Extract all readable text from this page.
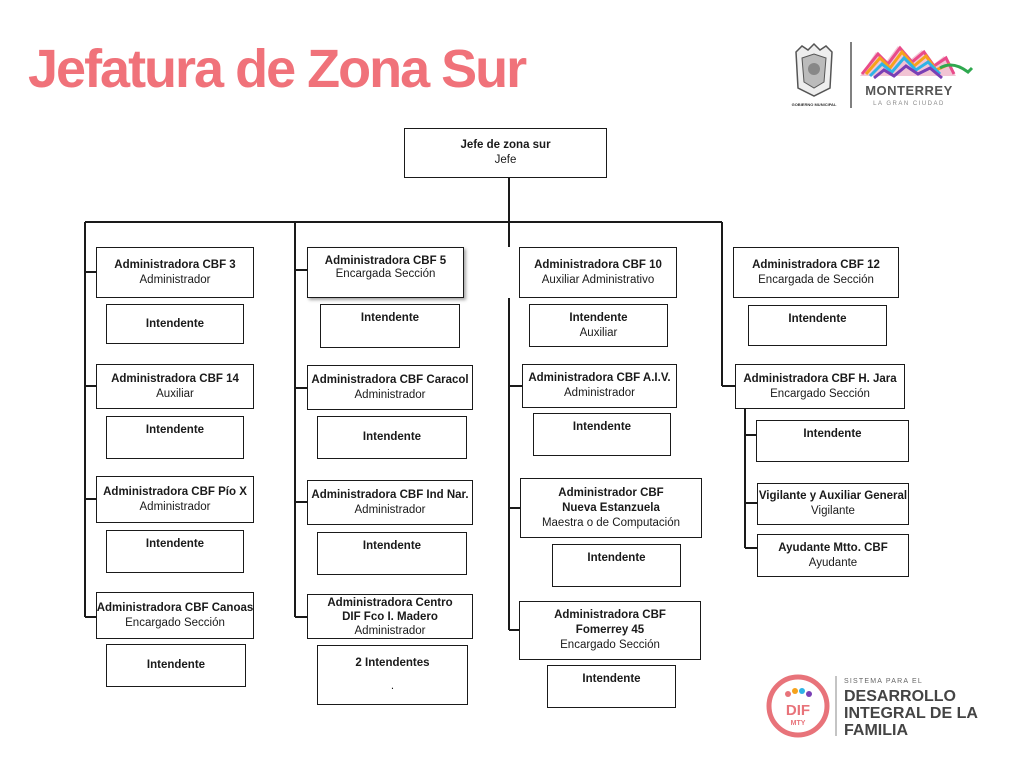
Jefatura de Zona Sur
Jefe de zona sur
Jefe
Administradora CBF 3
Administrador
Intendente
Administradora CBF 14
Auxiliar
Intendente
Administradora CBF Pío X
Administrador
Intendente
Administradora CBF Canoas
Encargado Sección
Intendente
Administradora CBF 5
Encargada Sección
Intendente
Administradora CBF Caracol
Administrador
Intendente
Administradora CBF Ind Nar.
Administrador
Intendente
Administradora Centro
DIF Fco I. Madero
Administrador
2 Intendentes
.
Administradora CBF 10
Auxiliar Administrativo
Intendente
Auxiliar
Administradora CBF A.I.V.
Administrador
Intendente
Administrador CBF
Nueva Estanzuela
Maestra o de Computación
Intendente
Administradora CBF
Fomerrey 45
Encargado Sección
Intendente
Administradora CBF 12
Encargada de Sección
Intendente
Administradora CBF H. Jara
Encargado Sección
Intendente
Vigilante y Auxiliar General
Vigilante
Ayudante Mtto. CBF
Ayudante
GOBIERNO MUNICIPAL
MONTERREY
LA GRAN CIUDAD
DIF
MTY
SISTEMA PARA EL
DESARROLLO
INTEGRAL DE LA
FAMILIA
